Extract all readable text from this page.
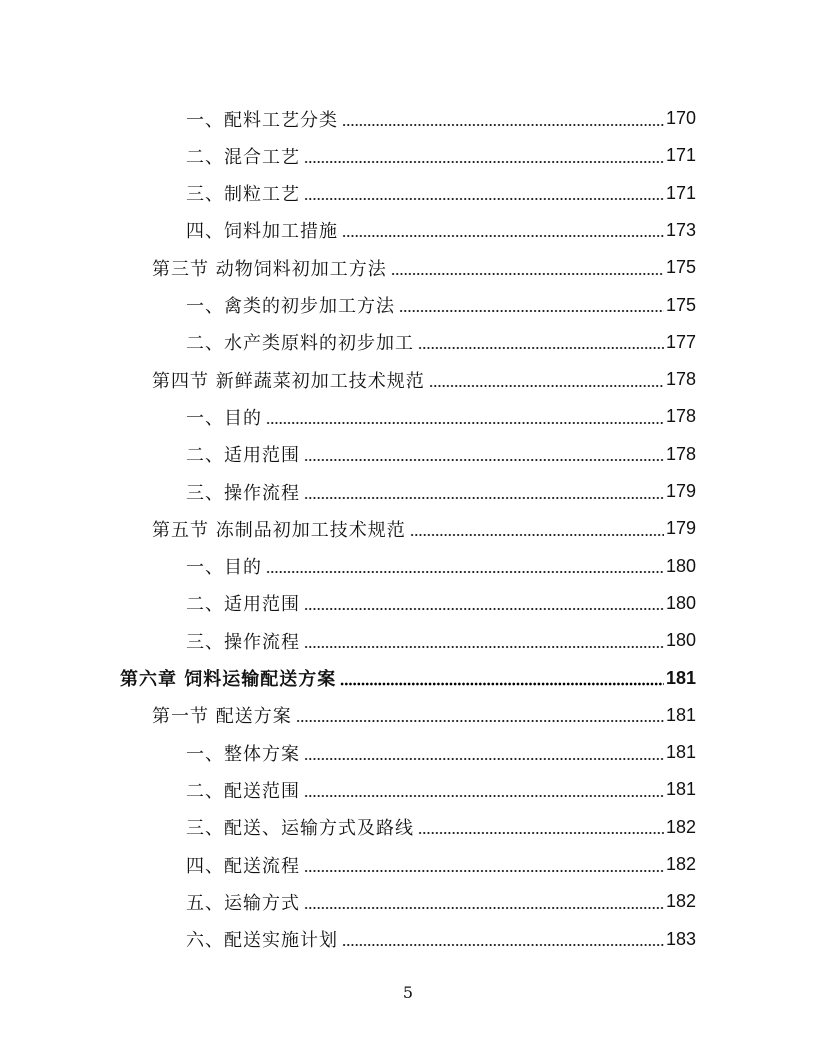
一、配料工艺分类	170
二、混合工艺	171
三、制粒工艺	171
四、饲料加工措施	173
第三节 动物饲料初加工方法	175
一、禽类的初步加工方法	175
二、水产类原料的初步加工	177
第四节 新鲜蔬菜初加工技术规范	178
一、目的	178
二、适用范围	178
三、操作流程	179
第五节 冻制品初加工技术规范	179
一、目的	180
二、适用范围	180
三、操作流程	180
第六章 饲料运输配送方案	181
第一节 配送方案	181
一、整体方案	181
二、配送范围	181
三、配送、运输方式及路线	182
四、配送流程	182
五、运输方式	182
六、配送实施计划	183
5
